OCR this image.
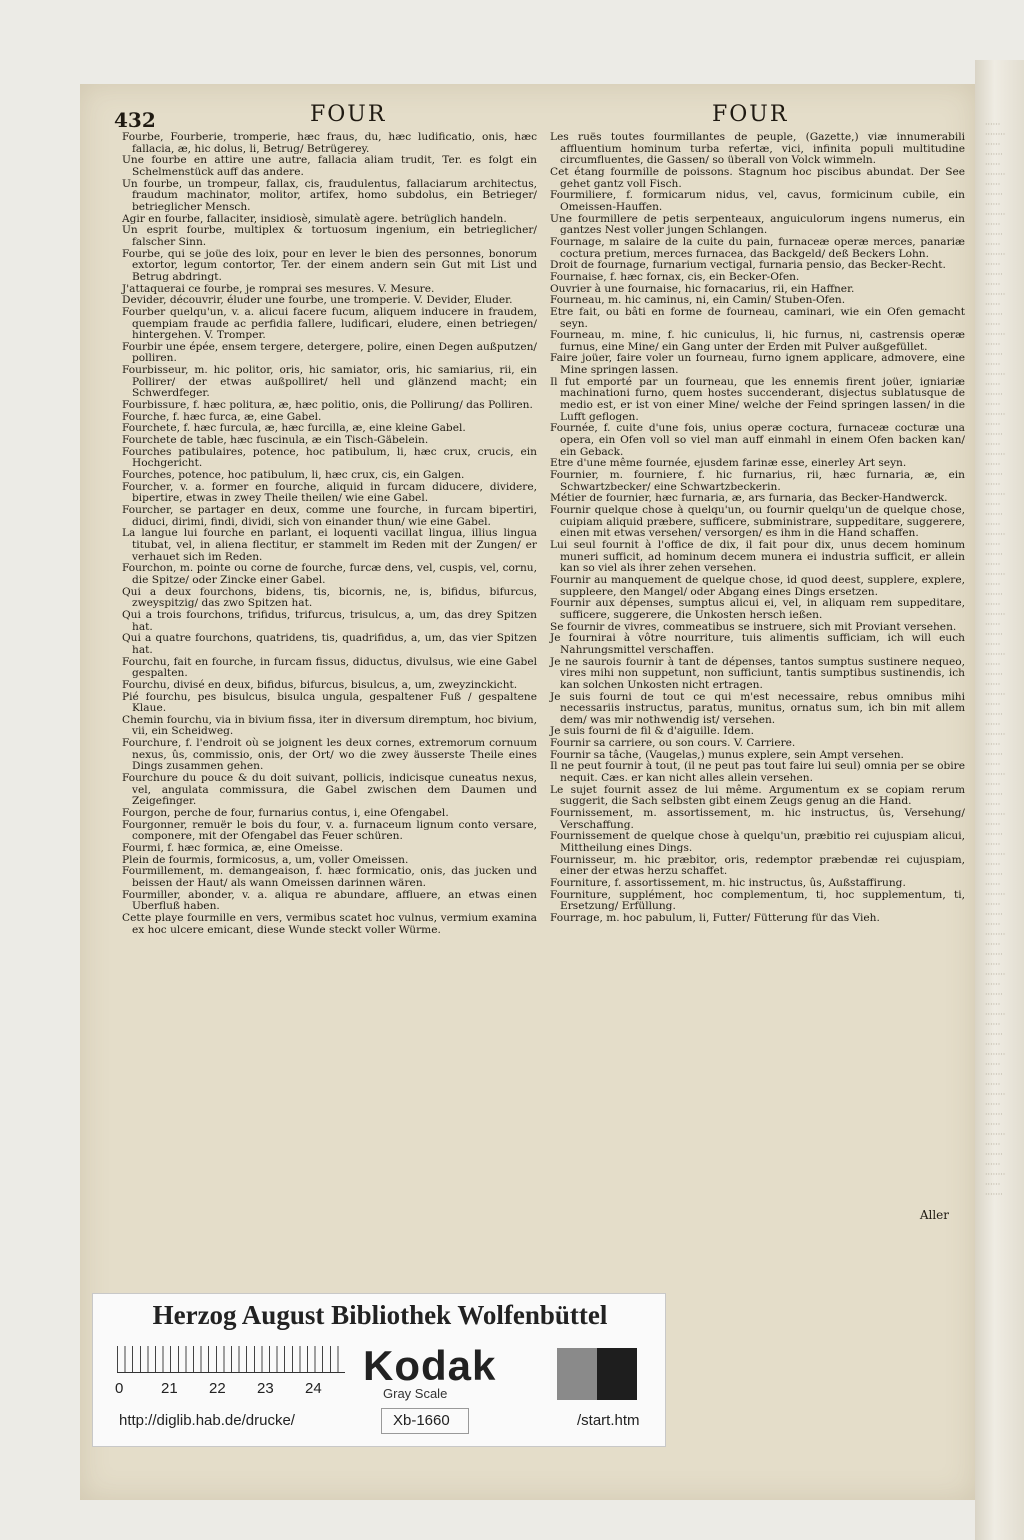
······
········
······
·······
······
········
······
·······
······
········
······
·······
······
········
······
·······
······
········
······
·······
······
········
······
·······
······
········
······
·······
······
········
······
·······
······
········
······
·······
······
········
······
·······
······
········
······
·······
······
········
······
·······
······
········
······
·······
······
········
······
·······
······
········
······
·······
······
········
······
·······
······
········
······
·······
······
········
······
·······
······
········
······
·······
······
········
······
·······
······
········
······
·······
······
········
······
·······
······
········
······
·······
······
········
······
·······
······
········
······
·······
······
········
······
·······
······
········
······
·······
432	FOUR	FOUR

Fourbe, Fourberie, tromperie, hæc fraus, du, hæc ludificatio, onis, hæc fallacia, æ, hic dolus, li, Betrug/ Betrügerey.

Une fourbe en attire une autre, fallacia aliam trudit, Ter. es folgt ein Schelmenstück auff das andere.

Un fourbe, un trompeur, fallax, cis, fraudulentus, fallaciarum architectus, fraudum machinator, molitor, artifex, homo subdolus, ein Betrieger/ betrieglicher Mensch.

Agir en fourbe, fallaciter, insidiosè, simulatè agere. betrüglich handeln.

Un esprit fourbe, multiplex & tortuosum ingenium, ein betrieglicher/ falscher Sinn.

Fourbe, qui se joüe des loix, pour en lever le bien des personnes, bonorum extortor, legum contortor, Ter. der einem andern sein Gut mit List und Betrug abdringt.

J'attaquerai ce fourbe, je romprai ses mesures. V. Mesure.

Devider, découvrir, éluder une fourbe, une tromperie. V. Devider, Eluder.

Fourber quelqu'un, v. a. alicui facere fucum, aliquem inducere in fraudem, quempiam fraude ac perfidia fallere, ludificari, eludere, einen betriegen/ hintergehen. V. Tromper.

Fourbir une épée, ensem tergere, detergere, polire, einen Degen außputzen/ polliren.

Fourbisseur, m. hic politor, oris, hic samiator, oris, hic samiarius, rii, ein Pollirer/ der etwas außpolliret/ hell und glänzend macht; ein Schwerdfeger.

Fourbissure, f. hæc politura, æ, hæc politio, onis, die Pollirung/ das Polliren.

Fourche, f. hæc furca, æ, eine Gabel.

Fourchete, f. hæc furcula, æ, hæc furcilla, æ, eine kleine Gabel.

Fourchete de table, hæc fuscinula, æ ein Tisch-Gäbelein.

Fourches patibulaires, potence, hoc patibulum, li, hæc crux, crucis, ein Hochgericht.

Fourches, potence, hoc patibulum, li, hæc crux, cis, ein Galgen.

Fourcher, v. a. former en fourche, aliquid in furcam diducere, dividere, bipertire, etwas in zwey Theile theilen/ wie eine Gabel.

Fourcher, se partager en deux, comme une fourche, in furcam bipertiri, diduci, dirimi, findi, dividi, sich von einander thun/ wie eine Gabel.

La langue lui fourche en parlant, ei loquenti vacillat lingua, illius lingua titubat, vel, in aliena flectitur, er stammelt im Reden mit der Zungen/ er verhauet sich im Reden.

Fourchon, m. pointe ou corne de fourche, furcæ dens, vel, cuspis, vel, cornu, die Spitze/ oder Zincke einer Gabel.

Qui a deux fourchons, bidens, tis, bicornis, ne, is, bifidus, bifurcus, zweyspitzig/ das zwo Spitzen hat.

Qui a trois fourchons, trifidus, trifurcus, trisulcus, a, um, das drey Spitzen hat.

Qui a quatre fourchons, quatridens, tis, quadrifidus, a, um, das vier Spitzen hat.

Fourchu, fait en fourche, in furcam fissus, diductus, divulsus, wie eine Gabel gespalten.

Fourchu, divisé en deux, bifidus, bifurcus, bisulcus, a, um, zweyzinckicht.

Pié fourchu, pes bisulcus, bisulca ungula, gespaltener Fuß / gespaltene Klaue.

Chemin fourchu, via in bivium fissa, iter in diversum diremptum, hoc bivium, vii, ein Scheidweg.

Fourchure, f. l'endroit où se joignent les deux cornes, extremorum cornuum nexus, ûs, commissio, onis, der Ort/ wo die zwey äusserste Theile eines Dings zusammen gehen.

Fourchure du pouce & du doit suivant, pollicis, indicisque cuneatus nexus, vel, angulata commissura, die Gabel zwischen dem Daumen und Zeigefinger.

Fourgon, perche de four, furnarius contus, i, eine Ofengabel.

Fourgonner, remuër le bois du four, v. a. furnaceum lignum conto versare, componere, mit der Ofengabel das Feuer schüren.

Fourmi, f. hæc formica, æ, eine Omeisse.

Plein de fourmis, formicosus, a, um, voller Omeissen.

Fourmillement, m. demangeaison, f. hæc formicatio, onis, das jucken und beissen der Haut/ als wann Omeissen darinnen wären.

Fourmiller, abonder, v. a. aliqua re abundare, affluere, an etwas einen Uberfluß haben.

Cette playe fourmille en vers, vermibus scatet hoc vulnus, vermium examina ex hoc ulcere emicant, diese Wunde steckt voller Würme.

Les ruës toutes fourmillantes de peuple, (Gazette,) viæ innumerabili affluentium hominum turba refertæ, vici, infinita populi multitudine circumfluentes, die Gassen/ so überall von Volck wimmeln.

Cet étang fourmille de poissons. Stagnum hoc piscibus abundat. Der See gehet gantz voll Fisch.

Fourmiliere, f. formicarum nidus, vel, cavus, formicinum cubile, ein Omeissen-Hauffen.

Une fourmillere de petis serpenteaux, anguiculorum ingens numerus, ein gantzes Nest voller jungen Schlangen.

Fournage, m salaire de la cuite du pain, furnaceæ operæ merces, panariæ coctura pretium, merces furnacea, das Backgeld/ deß Beckers Lohn.

Droit de fournage, furnarium vectigal, furnaria pensio, das Becker-Recht.

Fournaise, f. hæc fornax, cis, ein Becker-Ofen.

Ouvrier à une fournaise, hic fornacarius, rii, ein Haffner.

Fourneau, m. hic caminus, ni, ein Camin/ Stuben-Ofen.

Etre fait, ou bâti en forme de fourneau, caminari, wie ein Ofen gemacht seyn.

Fourneau, m. mine, f. hic cuniculus, li, hic furnus, ni, castrensis operæ furnus, eine Mine/ ein Gang unter der Erden mit Pulver außgefüllet.

Faire joüer, faire voler un fourneau, furno ignem applicare, admovere, eine Mine springen lassen.

Il fut emporté par un fourneau, que les ennemis firent joüer, igniariæ machinationi furno, quem hostes succenderant, disjectus sublatusque de medio est, er ist von einer Mine/ welche der Feind springen lassen/ in die Lufft geflogen.

Fournée, f. cuite d'une fois, unius operæ coctura, furnaceæ cocturæ una opera, ein Ofen voll so viel man auff einmahl in einem Ofen backen kan/ ein Geback.

Etre d'une même fournée, ejusdem farinæ esse, einerley Art seyn.

Fournier, m. fourniere, f. hic furnarius, rii, hæc furnaria, æ, ein Schwartzbecker/ eine Schwartzbeckerin.

Métier de fournier, hæc furnaria, æ, ars furnaria, das Becker-Handwerck.

Fournir quelque chose à quelqu'un, ou fournir quelqu'un de quelque chose, cuipiam aliquid præbere, sufficere, subministrare, suppeditare, suggerere, einen mit etwas versehen/ versorgen/ es ihm in die Hand schaffen.

Lui seul fournit à l'office de dix, il fait pour dix, unus decem hominum muneri sufficit, ad hominum decem munera ei industria sufficit, er allein kan so viel als ihrer zehen versehen.

Fournir au manquement de quelque chose, id quod deest, supplere, explere, suppleere, den Mangel/ oder Abgang eines Dings ersetzen.

Fournir aux dépenses, sumptus alicui ei, vel, in aliquam rem suppeditare, sufficere, suggerere, die Unkosten hersch ießen.

Se fournir de vivres, commeatibus se instruere, sich mit Proviant versehen.

Je fournirai à vôtre nourriture, tuis alimentis sufficiam, ich will euch Nahrungsmittel verschaffen.

Je ne saurois fournir à tant de dépenses, tantos sumptus sustinere nequeo, vires mihi non suppetunt, non sufficiunt, tantis sumptibus sustinendis, ich kan solchen Unkosten nicht ertragen.

Je suis fourni de tout ce qui m'est necessaire, rebus omnibus mihi necessariis instructus, paratus, munitus, ornatus sum, ich bin mit allem dem/ was mir nothwendig ist/ versehen.

Je suis fourni de fil & d'aiguille. Idem.

Fournir sa carriere, ou son cours. V. Carriere.

Fournir sa tâche, (Vaugelas,) munus explere, sein Ampt versehen.

Il ne peut fournir à tout, (il ne peut pas tout faire lui seul) omnia per se obire nequit. Cæs. er kan nicht alles allein versehen.

Le sujet fournit assez de lui même. Argumentum ex se copiam rerum suggerit, die Sach selbsten gibt einem Zeugs genug an die Hand.

Fournissement, m. assortissement, m. hic instructus, ûs, Versehung/ Verschaffung.

Fournissement de quelque chose à quelqu'un, præbitio rei cujuspiam alicui, Mittheilung eines Dings.

Fournisseur, m. hic præbitor, oris, redemptor præbendæ rei cujuspiam, einer der etwas herzu schaffet.

Fourniture, f. assortissement, m. hic instructus, ûs, Außstaffirung.

Fourniture, supplément, hoc complementum, ti, hoc supplementum, ti, Ersetzung/ Erfüllung.

Fourrage, m. hoc pabulum, li, Futter/ Fütterung für das Vieh.

Aller
Herzog August Bibliothek Wolfenbüttel
0	21 22 23 24 Kodak
Gray Scale
http://diglib.hab.de/drucke/	Xb-1660	/start.htm
